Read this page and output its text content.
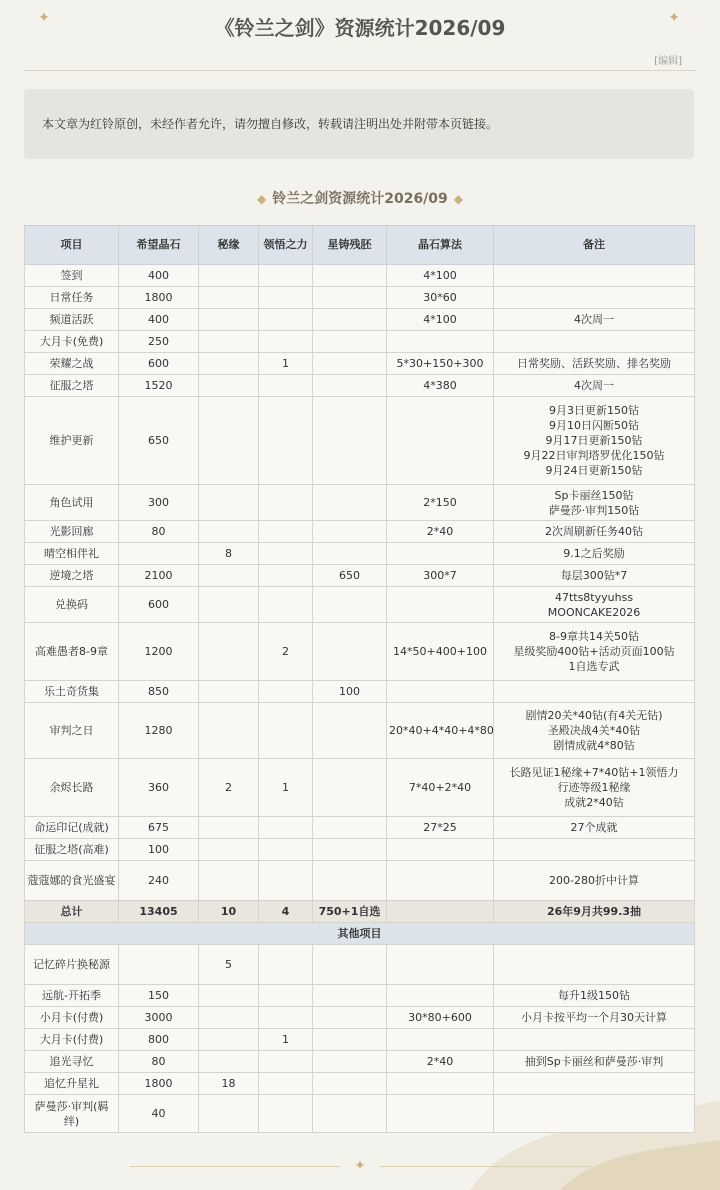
✦	《铃兰之剑》资源统计2026/09	✦
[编辑]
本文章为红铃原创，未经作者允许，请勿擅自修改，转载请注明出处并附带本页链接。
◆ 铃兰之剑资源统计2026/09 ◆
项目	希望晶石	秘缘	领悟之力	星铸残胚	晶石算法	备注
签到	400				4*100	
日常任务	1800				30*60	
频道活跃	400				4*100	4次周一
大月卡(免费)	250					
荣耀之战	600		1		5*30+150+300	日常奖励、活跃奖励、排名奖励
征服之塔	1520				4*380	4次周一
维护更新	650					9月3日更新150钻
9月10日闪断50钻
9月17日更新150钻
9月22日审判塔罗优化150钻
9月24日更新150钻
角色试用	300				2*150	Sp卡丽丝150钻
萨曼莎·审判150钻
光影回廊	80				2*40	2次周刷新任务40钻
晴空相伴礼		8				9.1之后奖励
逆境之塔	2100			650	300*7	每层300钻*7
兑换码	600					47tts8tyyuhss
MOONCAKE2026
高难愚者8-9章	1200		2		14*50+400+100	8-9章共14关50钻
星级奖励400钻+活动页面100钻
1自选专武
乐土奇货集	850			100		
审判之日	1280				20*40+4*40+4*80	剧情20关*40钻(有4关无钻)
圣殿决战4关*40钻
剧情成就4*80钻
余烬长路	360	2	1		7*40+2*40	长路见证1秘缘+7*40钻+1领悟力
行迹等级1秘缘
成就2*40钻
命运印记(成就)	675				27*25	27个成就
征服之塔(高难)	100					
蔻蔻娜的食光盛宴	240					200-280折中计算
总计	13405	10	4	750+1自选		26年9月共99.3抽
其他项目						
记忆碎片换秘源		5				
远航-开拓季	150					每升1级150钻
小月卡(付费)	3000				30*80+600	小月卡按平均一个月30天计算
大月卡(付费)	800		1			
追光寻忆	80				2*40	抽到Sp卡丽丝和萨曼莎·审判
追忆升星礼	1800	18				
萨曼莎·审判(羁绊)	40					
✦
